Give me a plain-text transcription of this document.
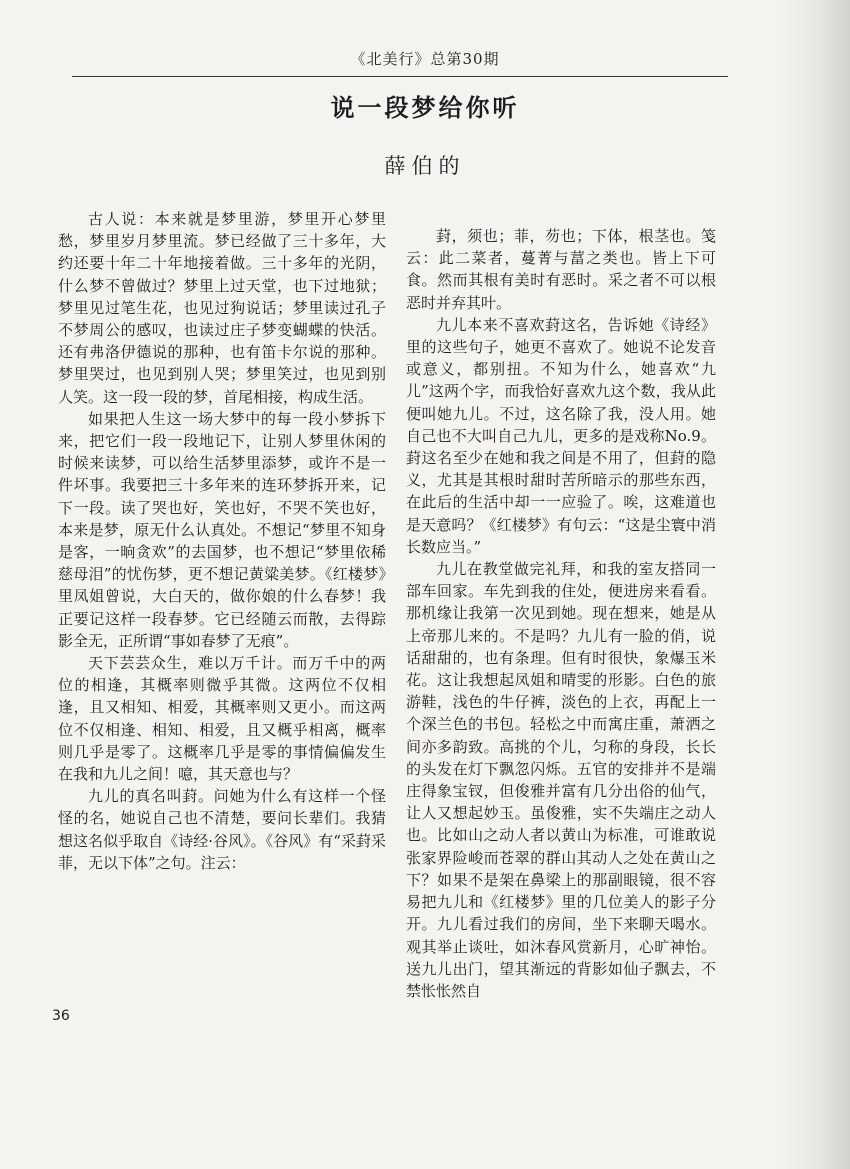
《北美行》总第30期
说一段梦给你听
薛伯的

古人说：本来就是梦里游，梦里开心梦里愁，梦里岁月梦里流。梦已经做了三十多年，大约还要十年二十年地接着做。三十多年的光阴，什么梦不曾做过？梦里上过天堂，也下过地狱；梦里见过笔生花，也见过狗说话；梦里读过孔子不梦周公的感叹，也读过庄子梦变蝴蝶的快活。还有弗洛伊德说的那种，也有笛卡尔说的那种。梦里哭过，也见到别人哭；梦里笑过，也见到别人笑。这一段一段的梦，首尾相接，构成生活。

如果把人生这一场大梦中的每一段小梦拆下来，把它们一段一段地记下，让别人梦里休闲的时候来读梦，可以给生活梦里添梦，或许不是一件坏事。我要把三十多年来的连环梦拆开来，记下一段。读了哭也好，笑也好，不哭不笑也好，本来是梦，原无什么认真处。不想记“梦里不知身是客，一晌贪欢”的去国梦，也不想记“梦里依稀慈母泪”的忧伤梦，更不想记黄粱美梦。《红楼梦》里凤姐曾说，大白天的，做你娘的什么春梦！我正要记这样一段春梦。它已经随云而散，去得踪影全无，正所谓“事如春梦了无痕”。

天下芸芸众生，难以万千计。而万千中的两位的相逢，其概率则微乎其微。这两位不仅相逢，且又相知、相爱，其概率则又更小。而这两位不仅相逢、相知、相爱，且又概乎相离，概率则几乎是零了。这概率几乎是零的事情偏偏发生在我和九儿之间！噫，其天意也与？

九儿的真名叫葑。问她为什么有这样一个怪怪的名，她说自己也不清楚，要问长辈们。我猜想这名似乎取自《诗经·谷风》。《谷风》有“采葑采菲，无以下体”之句。注云：

葑，须也；菲，芴也；下体，根茎也。笺云：此二菜者，蔓菁与葍之类也。皆上下可食。然而其根有美时有恶时。采之者不可以根恶时并弃其叶。

九儿本来不喜欢葑这名，告诉她《诗经》里的这些句子，她更不喜欢了。她说不论发音或意义，都别扭。不知为什么，她喜欢“九儿”这两个字，而我恰好喜欢九这个数，我从此便叫她九儿。不过，这名除了我，没人用。她自己也不大叫自己九儿，更多的是戏称No.9。葑这名至少在她和我之间是不用了，但葑的隐义，尤其是其根时甜时苦所暗示的那些东西，在此后的生活中却一一应验了。唉，这难道也是天意吗？《红楼梦》有句云：“这是尘寰中消长数应当。”

九儿在教堂做完礼拜，和我的室友搭同一部车回家。车先到我的住处，便进房来看看。那机缘让我第一次见到她。现在想来，她是从上帝那儿来的。不是吗？九儿有一脸的俏，说话甜甜的，也有条理。但有时很快，象爆玉米花。这让我想起凤姐和晴雯的形影。白色的旅游鞋，浅色的牛仔裤，淡色的上衣，再配上一个深兰色的书包。轻松之中而寓庄重，萧洒之间亦多韵致。高挑的个儿，匀称的身段，长长的头发在灯下飘忽闪烁。五官的安排并不是端庄得象宝钗，但俊雅并富有几分出俗的仙气，让人又想起妙玉。虽俊雅，实不失端庄之动人也。比如山之动人者以黄山为标准，可谁敢说张家界险峻而苍翠的群山其动人之处在黄山之下？如果不是架在鼻梁上的那副眼镜，很不容易把九儿和《红楼梦》里的几位美人的影子分开。九儿看过我们的房间，坐下来聊天喝水。观其举止谈吐，如沐春风赏新月，心旷神怡。送九儿出门，望其渐远的背影如仙子飘去，不禁怅怅然自

36
